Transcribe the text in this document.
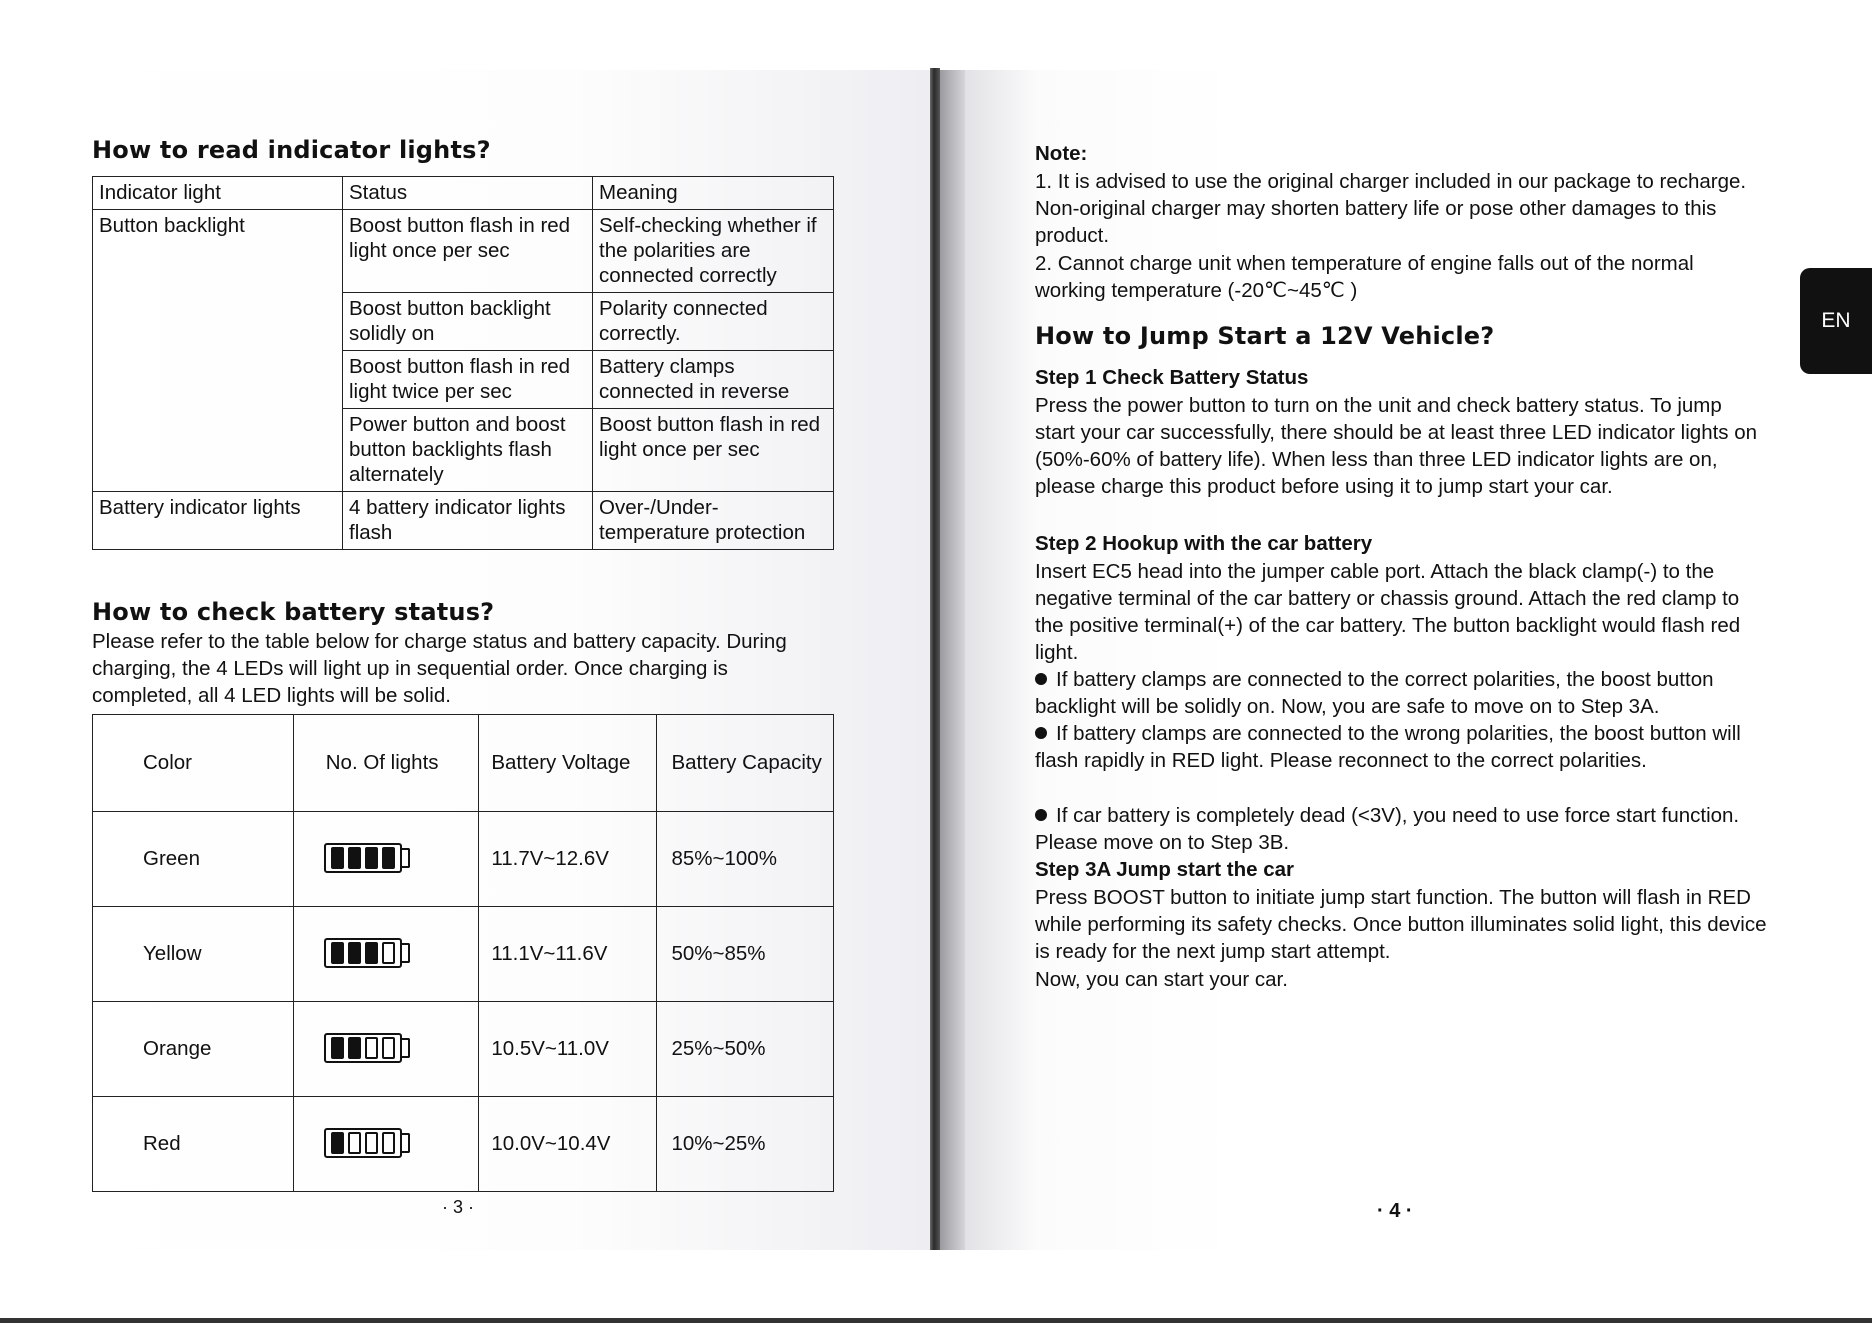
How to read indicator lights?
Indicator light	Status	Meaning
Button backlight	Boost button flash in red light once per sec	Self-checking whether if the polarities are connected correctly
	Boost button backlight solidly on	Polarity connected correctly.
	Boost button flash in red light twice per sec	Battery clamps connected in reverse
	Power button and boost button backlights flash alternately	Boost button flash in red light once per sec
Battery indicator lights	4 battery indicator lights flash	Over-/Under- temperature protection
How to check battery status?
Please refer to the table below for charge status and battery capacity. During charging, the 4 LEDs will light up in sequential order. Once charging is completed, all 4 LED lights will be solid.
Color	No. Of lights	Battery Voltage	Battery Capacity
Green		11.7V~12.6V	85%~100%
Yellow		11.1V~11.6V	50%~85%
Orange		10.5V~11.0V	25%~50%
Red		10.0V~10.4V	10%~25%
· 3 ·
Note:
1. It is advised to use the original charger included in our package to recharge. Non-original charger may shorten battery life or pose other damages to this product.
2. Cannot charge unit when temperature of engine falls out of the normal working temperature (-20℃~45℃ )
How to Jump Start a 12V Vehicle?
Step 1 Check Battery Status
Press the power button to turn on the unit and check battery status. To jump start your car successfully, there should be at least three LED indicator lights on (50%-60% of battery life). When less than three LED indicator lights are on, please charge this product before using it to jump start your car.
Step 2 Hookup with the car battery
Insert EC5 head into the jumper cable port. Attach the black clamp(-) to the negative terminal of the car battery or chassis ground. Attach the red clamp to the positive terminal(+) of the car battery. The button backlight would flash red light.
If battery clamps are connected to the correct polarities, the boost button backlight will be solidly on. Now, you are safe to move on to Step 3A.
If battery clamps are connected to the wrong polarities, the boost button will flash rapidly in RED light. Please reconnect to the correct polarities.
If car battery is completely dead (<3V), you need to use force start function. Please move on to Step 3B.
Step 3A Jump start the car
Press BOOST button to initiate jump start function. The button will flash in RED while performing its safety checks. Once button illuminates solid light, this device is ready for the next jump start attempt.
Now, you can start your car.
· 4 ·
EN
